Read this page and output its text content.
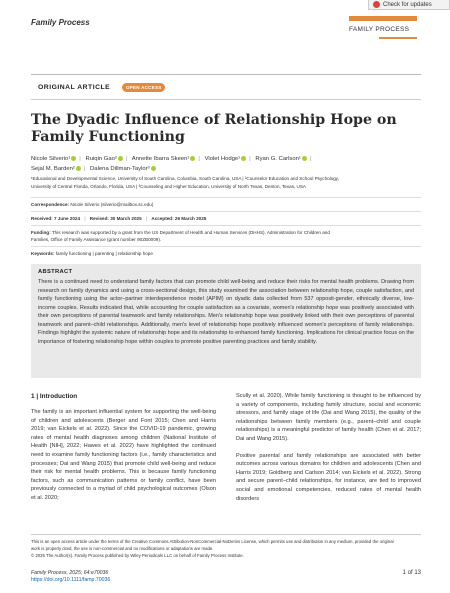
Check for updates
Family Process
FAMILY PROCESS
ORIGINAL ARTICLE	OPEN ACCESS
The Dyadic Influence of Relationship Hope on
Family Functioning
Nicole Silverio¹ | Ruiqin Gao² | Annette Ibarra Skeen¹ | Violet Hodge¹ | Ryan G. Carlson¹ |
Sejal M. Barden² | Dalena Dillman-Taylor³
¹Educational and Developmental Science, University of South Carolina, Columbia, South Carolina, USA | ²Counselor Education and School Psychology,
University of Central Florida, Orlando, Florida, USA | ³Counseling and Higher Education, University of North Texas, Denton, Texas, USA
Correspondence: Nicole Silverio (silverio@mailbox.sc.edu)
Received: 7 June 2024 | Revised: 30 March 2025 | Accepted: 26 March 2025
Funding: This research was supported by a grant from the US Department of Health and Human Services (DHHS), Administration for Children and
Families, Office of Family Assistance (grant number 90ZB0009).
Keywords: family functioning | parenting | relationship hope
ABSTRACT
There is a continued need to understand family factors that can promote child well-being and reduce their risks for mental health problems. Drawing from research on family dynamics and using a cross-sectional design, this study examined the association between relationship hope, couple satisfaction, and family functioning using the actor–partner interdependence model (APIM) on dyadic data collected from 537 opposit-gender, ethnically diverse, low-income couples. Results indicated that, while accounting for couple satisfaction as a covariate, women's relationship hope was positively associated with their own perceptions of parental teamwork and family relationships. Men's relationship hope was positively linked with their own perceptions of parental teamwork and parent–child relationships. Additionally, men's level of relationship hope positively influenced women's perceptions of family relationships. Findings highlight the systemic nature of relationship hope and its relationship to enhanced family functioning. Implications for clinical practice focus on the importance of fostering relationship hope within couples to promote positive parenting practices and family stability.
1 | Introduction

The family is an important influential system for supporting the well-being of children and adolescents (Berger and Font 2015; Chen and Harris 2019; van Eickels et al. 2022). Since the COVID-19 pandemic, growing rates of mental health diagnoses among children (National Institute of Health [NIH], 2022; Hawes et al. 2022) have highlighted the continued need to examine family functioning factors (i.e., family characteristics and processes; Dai and Wang 2015) that promote child well-being and reduce their risk for mental health problems. This is because family functioning factors, such as communication patterns or family conflict, have been previously connected to a myriad of child psychological outcomes (Olson et al. 2020;

Scully et al. 2020). While family functioning is thought to be influenced by a variety of components, including family structure, social and economic stressors, and family stage of life (Dai and Wang 2015), the quality of the relationships between family members (e.g., parent–child and couple relationships) is a meaningful predictor of family health (Chen et al. 2017; Dai and Wang 2015).

Positive parental and family relationships are associated with better outcomes across various domains for children and adolescents (Chen and Harris 2019; Goldberg and Carlson 2014; van Eickels et al. 2022). Strong and secure parent–child relationships, for instance, are tied to improved social and emotional competencies, reduced rates of mental health disorders

This is an open access article under the terms of the Creative Commons Attribution-NonCommercial-NoDerivs License, which permits use and distribution in any medium, provided the original
work is properly cited, the use is non-commercial and no modifications or adaptations are made.
© 2025 The Author(s). Family Process published by Wiley Periodicals LLC on behalf of Family Process Institute.
Family Process, 2025; 64:e70036
https://doi.org/10.1111/famp.70036
1 of 13
